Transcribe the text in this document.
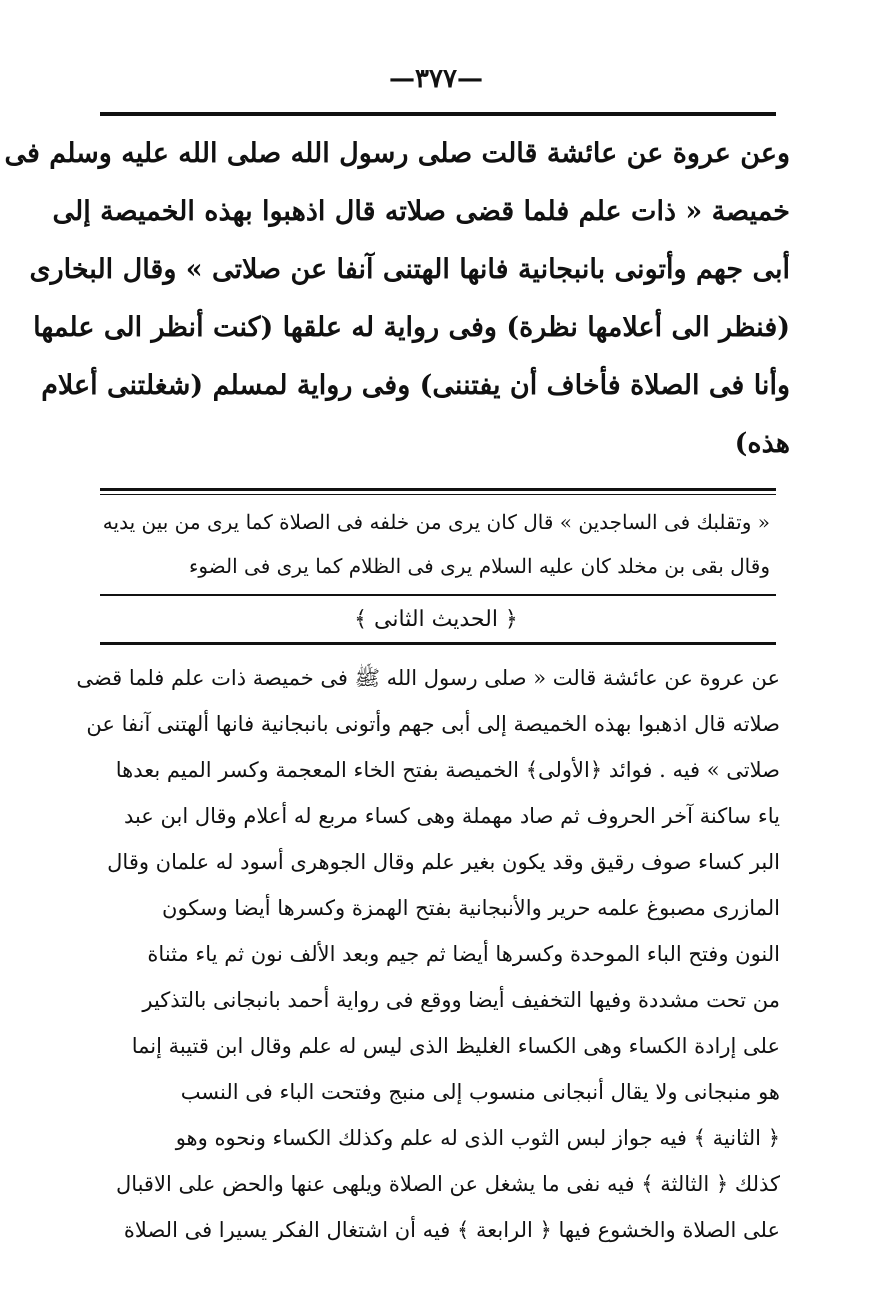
—٣٧٧—
وعن عروة عن عائشة قالت صلى رسول الله صلى الله عليه وسلم فى
خميصة « ذات علم فلما قضى صلاته قال اذهبوا بهذه الخميصة إلى
أبى جهم وأتونى بانبجانية فانها الهتنى آنفا عن صلاتى » وقال البخارى
(فنظر الى أعلامها نظرة) وفى رواية له علقها (كنت أنظر الى علمها
وأنا فى الصلاة فأخاف أن يفتننى) وفى رواية لمسلم (شغلتنى أعلام
هذه)
« وتقلبك فى الساجدين » قال كان يرى من خلفه فى الصلاة كما يرى من بين يديه
وقال بقى بن مخلد كان عليه السلام يرى فى الظلام كما يرى فى الضوء
﴿ الحديث الثانى ﴾
عن عروة عن عائشة قالت « صلى رسول الله ﷺ فى خميصة ذات علم فلما قضى
صلاته قال اذهبوا بهذه الخميصة إلى أبى جهم وأتونى بانبجانية فانها ألهتنى آنفا عن
صلاتى » فيه . فوائد ﴿الأولى﴾ الخميصة بفتح الخاء المعجمة وكسر الميم بعدها
ياء ساكنة آخر الحروف ثم صاد مهملة وهى كساء مربع له أعلام وقال ابن عبد
البر كساء صوف رقيق وقد يكون بغير علم وقال الجوهرى أسود له علمان وقال
المازرى مصبوغ علمه حرير والأنبجانية بفتح الهمزة وكسرها أيضا وسكون
النون وفتح الباء الموحدة وكسرها أيضا ثم جيم وبعد الألف نون ثم ياء مثناة
من تحت مشددة وفيها التخفيف أيضا ووقع فى رواية أحمد بانبجانى بالتذكير
على إرادة الكساء وهى الكساء الغليظ الذى ليس له علم وقال ابن قتيبة إنما
هو منبجانى ولا يقال أنبجانى منسوب إلى منبج وفتحت الباء فى النسب
﴿ الثانية ﴾ فيه جواز لبس الثوب الذى له علم وكذلك الكساء ونحوه وهو
كذلك ﴿ الثالثة ﴾ فيه نفى ما يشغل عن الصلاة ويلهى عنها والحض على الاقبال
على الصلاة والخشوع فيها ﴿ الرابعة ﴾ فيه أن اشتغال الفكر يسيرا فى الصلاة
